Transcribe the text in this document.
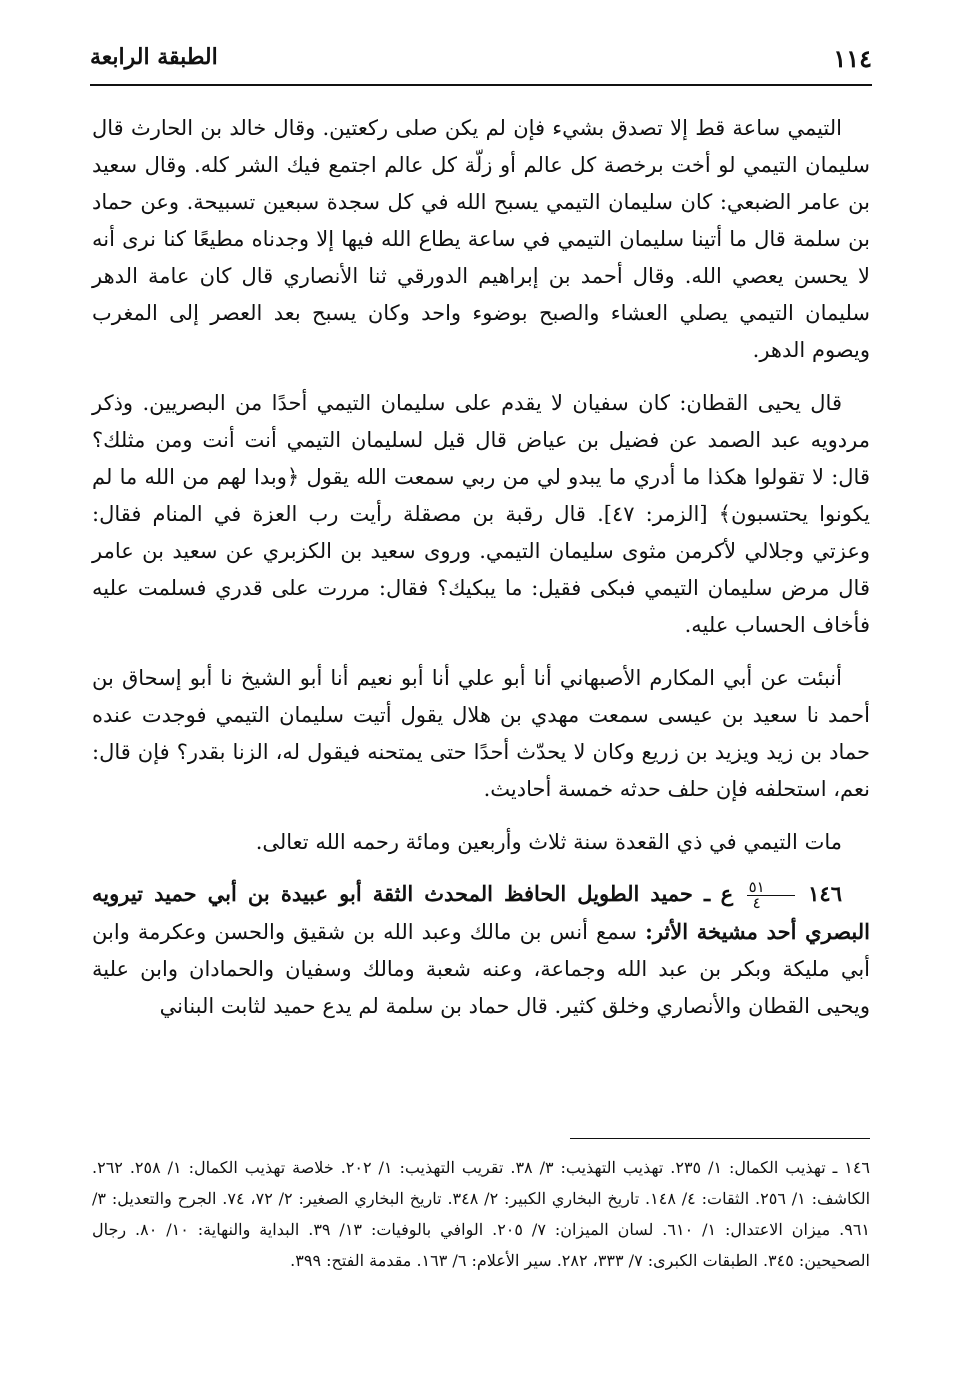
١١٤
الطبقة الرابعة

التيمي ساعة قط إلا تصدق بشيء فإن لم يكن صلى ركعتين. وقال خالد بن الحارث قال سليمان التيمي لو أخت برخصة كل عالم أو زلّة كل عالم اجتمع فيك الشر كله. وقال سعيد بن عامر الضبعي: كان سليمان التيمي يسبح الله في كل سجدة سبعين تسبيحة. وعن حماد بن سلمة قال ما أتينا سليمان التيمي في ساعة يطاع الله فيها إلا وجدناه مطيعًا كنا نرى أنه لا يحسن يعصي الله. وقال أحمد بن إبراهيم الدورقي ثنا الأنصاري قال كان عامة الدهر سليمان التيمي يصلي العشاء والصبح بوضوء واحد وكان يسبح بعد العصر إلى المغرب ويصوم الدهر.

قال يحيى القطان: كان سفيان لا يقدم على سليمان التيمي أحدًا من البصريين. وذكر مردويه عبد الصمد عن فضيل بن عياض قال قيل لسليمان التيمي أنت أنت ومن مثلك؟ قال: لا تقولوا هكذا ما أدري ما يبدو لي من ربي سمعت الله يقول ﴿وبدا لهم من الله ما لم يكونوا يحتسبون﴾ [الزمر: ٤٧]. قال رقبة بن مصقلة رأيت رب العزة في المنام فقال: وعزتي وجلالي لأكرمن مثوى سليمان التيمي. وروى سعيد بن الكزبري عن سعيد بن عامر قال مرض سليمان التيمي فبكى فقيل: ما يبكيك؟ فقال: مررت على قدري فسلمت عليه فأخاف الحساب عليه.

أنبئت عن أبي المكارم الأصبهاني أنا أبو علي أنا أبو نعيم أنا أبو الشيخ نا أبو إسحاق بن أحمد نا سعيد بن عيسى سمعت مهدي بن هلال يقول أتيت سليمان التيمي فوجدت عنده حماد بن زيد ويزيد بن زريع وكان لا يحدّث أحدًا حتى يمتحنه فيقول له، الزنا بقدر؟ فإن قال: نعم، استحلفه فإن حلف حدثه خمسة أحاديث.

مات التيمي في ذي القعدة سنة ثلاث وأربعين ومائة رحمه الله تعالى.

١٤٦
$\frac{٥١}{٤}$
ع ـ حميد الطويل الحافظ المحدث الثقة أبو عبيدة بن أبي حميد تيرويه البصري أحد مشيخة الأثر: سمع أنس بن مالك وعبد الله بن شقيق والحسن وعكرمة وابن أبي مليكة وبكر بن عبد الله وجماعة، وعنه شعبة ومالك وسفيان والحمادان وابن علية ويحيى القطان والأنصاري وخلق كثير. قال حماد بن سلمة لم يدع حميد لثابت البناني

١٤٦ ـ تهذيب الكمال: ١/ ٢٣٥. تهذيب التهذيب: ٣/ ٣٨. تقريب التهذيب: ١/ ٢٠٢. خلاصة تهذيب الكمال: ١/ ٢٥٨. ٢٦٢. الكاشف: ١/ ٢٥٦. الثقات: ٤/ ١٤٨. تاريخ البخاري الكبير: ٢/ ٣٤٨. تاريخ البخاري الصغير: ٢/ ٧٢، ٧٤. الجرح والتعديل: ٣/ ٩٦١. ميزان الاعتدال: ١/ ٦١٠. لسان الميزان: ٧/ ٢٠٥. الوافي بالوفيات: ١٣/ ٣٩. البداية والنهاية: ١٠/ ٨٠. رجال الصحيحين: ٣٤٥. الطبقات الكبرى: ٧/ ٣٣٣، ٢٨٢. سير الأعلام: ٦/ ١٦٣. مقدمة الفتح: ٣٩٩.
